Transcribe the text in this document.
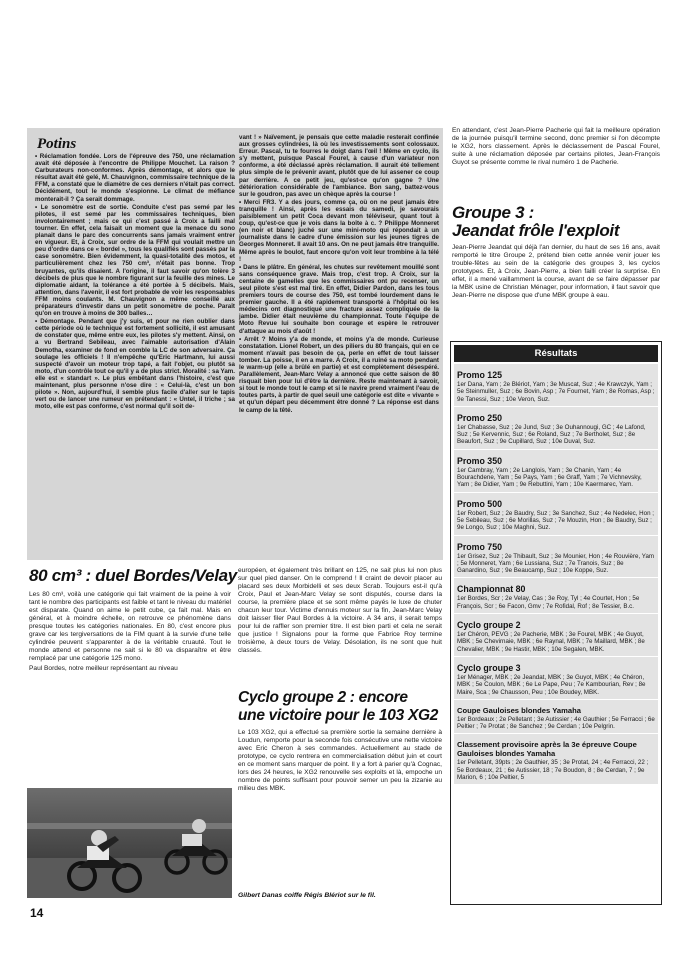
Potins

• Réclamation fondée. Lors de l'épreuve des 750, une réclamation avait été déposée à l'encontre de Philippe Mouchet. La raison ? Carburateurs non-conformes. Après démontage, et alors que le résultat avait été gelé, M. Chauvignon, commissaire technique de la FFM, a constaté que le diamètre de ces derniers n'était pas correct. Décidément, tout le monde s'espionne. Le climat de méfiance monterait-il ? Ça serait dommage.

• Le sonomètre est de sortie. Conduite c'est pas semé par les pilotes, il est semé par les commissaires techniques, bien involontairement ; mais ce qui c'est passé à Croix a failli mal tourner. En effet, cela faisait un moment que la menace du sono planait dans le parc des concurrents sans jamais vraiment entrer en vigueur. Et, à Croix, sur ordre de la FFM qui voulait mettre un peu d'ordre dans ce « bordel », tous les qualifiés sont passés par la case sonomètre. Bien évidemment, la quasi-totalité des motos, et particulièrement chez les 750 cm³, n'était pas bonne. Trop bruyantes, qu'ils disaient. A l'origine, il faut savoir qu'on tolère 3 décibels de plus que le nombre figurant sur la feuille des mines. Le diplomatie aidant, la tolérance a été portée à 5 décibels. Mais, attention, dans l'avenir, il est fort probable de voir les responsables FFM moins coulants. M. Chauvignon a même conseillé aux préparateurs d'investir dans un petit sonomètre de poche. Paraît qu'on en trouve à moins de 300 balles…

• Démontage. Pendant que j'y suis, et pour ne rien oublier dans cette période où le technique est fortement sollicité, il est amusant de constater que, même entre eux, les pilotes s'y mettent. Ainsi, on a vu Bertrand Sebileau, avec l'aimable autorisation d'Alain Demotha, examiner de fond en comble la LC de son adversaire. Ça soulage les officiels ! Il n'empêche qu'Eric Hartmann, lui aussi suspecté d'avoir un moteur trop tapé, a fait l'objet, ou plutôt sa moto, d'un contrôle tout ce qu'il y a de plus strict. Moralité : sa Yam. elle est « standart ». Le plus embêtant dans l'histoire, c'est que maintenant, plus personne n'ose dire : « Celui-là, c'est un bon pilote ». Non, aujourd'hui, il semble plus facile d'aller sur le tapis vert ou de lancer une rumeur en prétendant : « Untel, il triche ; sa moto, elle est pas conforme, c'est normal qu'il soit de-

vant ! » Naïvement, je pensais que cette maladie resterait confinée aux grosses cylindrées, là où les investissements sont colossaux. Erreur. Pascal, tu te fourres le doigt dans l'œil ! Même en cyclo, ils s'y mettent, puisque Pascal Fourel, à cause d'un variateur non conforme, a été déclassé après réclamation. Il aurait été tellement plus simple de le prévenir avant, plutôt que de lui assener ce coup par derrière. A ce petit jeu, qu'est-ce qu'on gagne ? Une détérioration considérable de l'ambiance. Bon sang, battez-vous sur le goudron, pas avec un chèque après la course !

• Merci FR3. Y a des jours, comme ça, où on ne peut jamais être tranquille ! Ainsi, après les essais du samedi, je savourais paisiblement un petit Coca devant mon téléviseur, quant tout à coup, qu'est-ce que je vois dans la boîte à c. ? Philippe Monneret (en noir et blanc) juché sur une mini-moto qui répondait à un journaliste dans le cadre d'une émission sur les jeunes tigres de Georges Monneret. Il avait 10 ans. On ne peut jamais être tranquille. Même après le boulot, faut encore qu'on voit leur trombine à la télé !

• Dans le plâtre. En général, les chutes sur revêtement mouillé sont sans conséquence grave. Mais trop, c'est trop. A Croix, sur la centaine de gamelles que les commissaires ont pu recenser, un seul pilote s'est est mal tiré. En effet, Didier Pardon, dans les tous premiers tours de course des 750, est tombé lourdement dans le premier gauche. Il a été rapidement transporté à l'hôpital où les médecins ont diagnostiqué une fracture assez compliquée de la jambe. Didier était neuvième du championnat. Toute l'équipe de Moto Revue lui souhaite bon courage et espère le retrouver d'attaque au mois d'août !

• Arrêt ? Moins y'a de monde, et moins y'a de monde. Curieuse constatation. Lionel Robert, un des piliers du 80 français, qui en ce moment n'avait pas besoin de ça, perle en effet de tout laisser tomber. La poisse, il en a marre. A Croix, il a ruiné sa moto pendant le warm-up (elle a brûlé en partie) et est complètement désespéré. Parallèlement, Jean-Marc Velay a annoncé que cette saison de 80 risquait bien pour lui d'être la dernière. Reste maintenant à savoir, si tout le monde tout le camp et si le navire prend vraiment l'eau de toutes parts, à partir de quel seuil une catégorie est dite « vivante » et qu'un départ peu décemment être donné ? La réponse est dans le camp de la têté.

En attendant, c'est Jean-Pierre Pacherie qui fait la meilleure opération de la journée puisqu'il termine second, donc premier si l'on décompte le XG2, hors classement. Après le déclassement de Pascal Fourel, suite à une réclamation déposée par certains pilotes, Jean-François Guyot se présente comme le rival numéro 1 de Pacherie.
Groupe 3 :
Jeandat frôle l'exploit
Jean-Pierre Jeandat qui déjà l'an dernier, du haut de ses 16 ans, avait remporté le titre Groupe 2, prétend bien cette année venir jouer les trouble-fêtes au sein de la catégorie des groupes 3, les cyclos prototypes. Et, à Croix, Jean-Pierre, a bien failli créer la surprise. En effet, il a mené vaillamment la course, avant de se faire dépasser par la MBK usine de Christian Ménager, pour information, il faut savoir que Jean-Pierre ne dispose que d'une MBK groupe à eau.
Résultats
Promo 125
1er Dana, Yam ; 2e Blériot, Yam ; 3e Muscat, Suz ; 4e Krawczyk, Yam ; 5e Steinmuller, Suz ; 6e Bovin, Asp ; 7e Fournet, Yam ; 8e Romas, Asp ; 9e Tanessi, Suz ; 10e Veron, Suz.
Promo 250
1er Chabasse, Suz ; 2e Jund, Suz ; 3e Ouhannougi, GC ; 4e Lafond, Suz ; 5e Kervennic, Suz ; 6e Roland, Suz ; 7e Bertholet, Suz ; 8e Beaufort, Suz ; 9e Cupillard, Suz ; 10e Duval, Suz.
Promo 350
1er Cambray, Yam ; 2e Langlois, Yam ; 3e Chanin, Yam ; 4e Bourachdene, Yam ; 5e Pays, Yam ; 6e Graff, Yam ; 7e Vichnevsky, Yam ; 8e Didier, Yam ; 9e Rebuttini, Yam ; 10e Kaermarec, Yam.
Promo 500
1er Robert, Suz ; 2e Baudry, Suz ; 3e Sanchez, Suz ; 4e Nedelec, Hon ; 5e Sebileau, Suz ; 6e Morillas, Suz ; 7e Mouzin, Hon ; 8e Baudry, Suz ; 9e Longo, Suz ; 10e Maghni, Suz.
Promo 750
1er Grisez, Suz ; 2e Thibault, Suz ; 3e Mounier, Hon ; 4e Rouvière, Yam ; 5e Monneret, Yam ; 6e Lussiana, Suz ; 7e Tranois, Suz ; 8e Ganardino, Suz ; 9e Beaucamp, Suz ; 10e Koppe, Suz.
Championnat 80
1er Bordes, Scr ; 2e Velay, Cas ; 3e Roy, Tyl ; 4e Courtet, Hon ; 5e François, Scr ; 6e Facon, Gmv ; 7e Rofidal, Rof ; 8e Tessier, B.c.
Cyclo groupe 2
1er Chéron, PEVG ; 2e Pacherie, MBK ; 3e Fourel, MBK ; 4e Guyot, MBK ; 5e Chevirnaie, MBK ; 6e Raynal, MBK ; 7e Maillard, MBK ; 8e Chevalier, MBK ; 9e Hastir, MBK ; 10e Segalen, MBK.
Cyclo groupe 3
1er Ménager, MBK ; 2e Jeandat, MBK ; 3e Guyot, MBK ; 4e Chéron, MBK ; 5e Coulon, MBK ; 6e Le Pape, Peu ; 7e Kambourian, Rev ; 8e Maire, Sca ; 9e Chausson, Peu ; 10e Boudey, MBK.
Coupe Gauloises blondes Yamaha
1er Bordeaux ; 2e Pelletant ; 3e Autissier ; 4e Gauthier ; 5e Ferracci ; 6e Peltier ; 7e Protat ; 8e Sanchez ; 9e Cerdan ; 10e Pelgrin.
Classement provisoire après la 3e épreuve Coupe Gauloises blondes Yamaha
1er Pelletant, 39pts ; 2e Gauthier, 35 ; 3e Protat, 24 ; 4e Ferracci, 22 ; 5e Bordeaux, 21 ; 6e Autissier, 18 ; 7e Boudon, 8 ; 8e Cerdan, 7 ; 9e Marion, 6 ; 10e Peltier, 5
80 cm³ : duel Bordes/Velay

Les 80 cm³, voilà une catégorie qui fait vraiment de la peine à voir tant le nombre des participants est faible et tant le niveau du matériel est disparate. Quand on aime le petit cube, ça fait mal. Mais en général, et à moindre échelle, on retrouve ce phénomène dans presque toutes les catégories nationales. En 80, c'est encore plus grave car les tergiversations de la FIM quant à la survie d'une telle cylindrée peuvent s'apparenter à de la véritable cruauté. Tout le monde attend et personne ne sait si le 80 va disparaître et être remplacé par une catégorie 125 mono.

Paul Bordes, notre meilleur représentant au niveau

européen, et également très brillant en 125, ne sait plus lui non plus sur quel pied danser. On le comprend ! Il craint de devoir placer au placard ses deux Morbidelli et ses deux Scrab. Toujours est-il qu'à Croix, Paul et Jean-Marc Velay se sont disputés, course dans la course, la première place et se sont même payés le luxe de chuter chacun leur tour. Victime d'ennuis moteur sur la fin, Jean-Marc Velay doit laisser filer Paul Bordes à la victoire. A 34 ans, il serait temps pour lui de raffler son premier titre. Il est bien parti et cela ne serait que justice ! Signalons pour la forme que Fabrice Roy termine troisième, à deux tours de Velay. Désolation, ils ne sont que huit classés.
Cyclo groupe 2 : encore
une victoire pour le 103 XG2
Le 103 XG2, qui a effectué sa première sortie la semaine dernière à Loudun, remporte pour la seconde fois consécutive une nette victoire avec Eric Cheron à ses commandes. Actuellement au stade de prototype, ce cyclo rentrera en commercialisation début juin et court en ce moment sans marquer de point. Il y a fort à parier qu'à Cognac, lors des 24 heures, le XG2 renouvelle ses exploits et là, empoche un nombre de points suffisant pour pouvoir semer un peu la zizanie au milieu des MBK.
Gilbert Danas coiffe Régis Blériot sur le fil.
14
